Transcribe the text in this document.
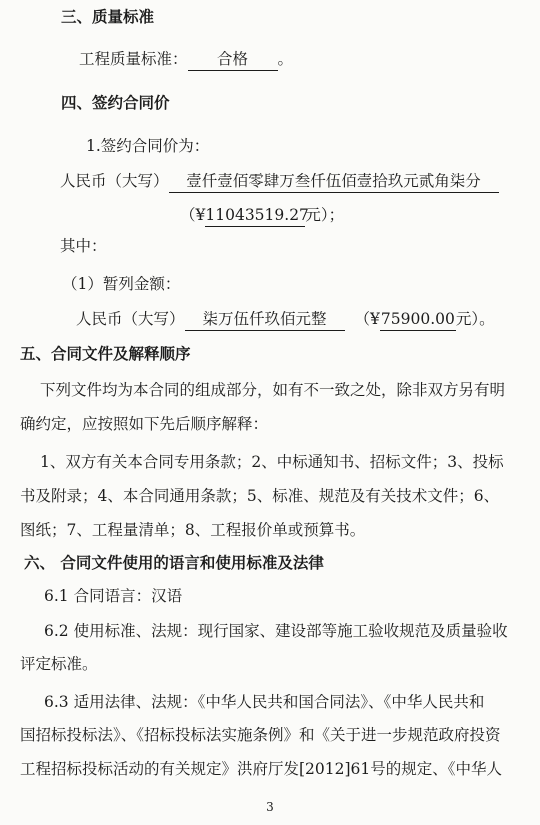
三、质量标准
工程质量标准： 合格 。
四、签约合同价
1.签约合同价为：
人民币（大写） 壹仟壹佰零肆万叁仟伍佰壹拾玖元贰角柒分
（¥11043519.27元）；
其中：
（1）暂列金额：
人民币（大写） 柒万伍仟玖佰元整 （¥75900.00元）。
五、合同文件及解释顺序
下列文件均为本合同的组成部分，如有不一致之处，除非双方另有明
确约定，应按照如下先后顺序解释：
1、双方有关本合同专用条款；2、中标通知书、招标文件；3、投标
书及附录；4、本合同通用条款；5、标准、规范及有关技术文件；6、
图纸；7、工程量清单；8、工程报价单或预算书。
六、 合同文件使用的语言和使用标准及法律
6.1 合同语言：汉语
6.2 使用标准、法规：现行国家、建设部等施工验收规范及质量验收
评定标准。
6.3 适用法律、法规：《中华人民共和国合同法》、《中华人民共和
国招标投标法》、《招标投标法实施条例》和《关于进一步规范政府投资
工程招标投标活动的有关规定》洪府厅发[2012]61号的规定、《中华人
3
